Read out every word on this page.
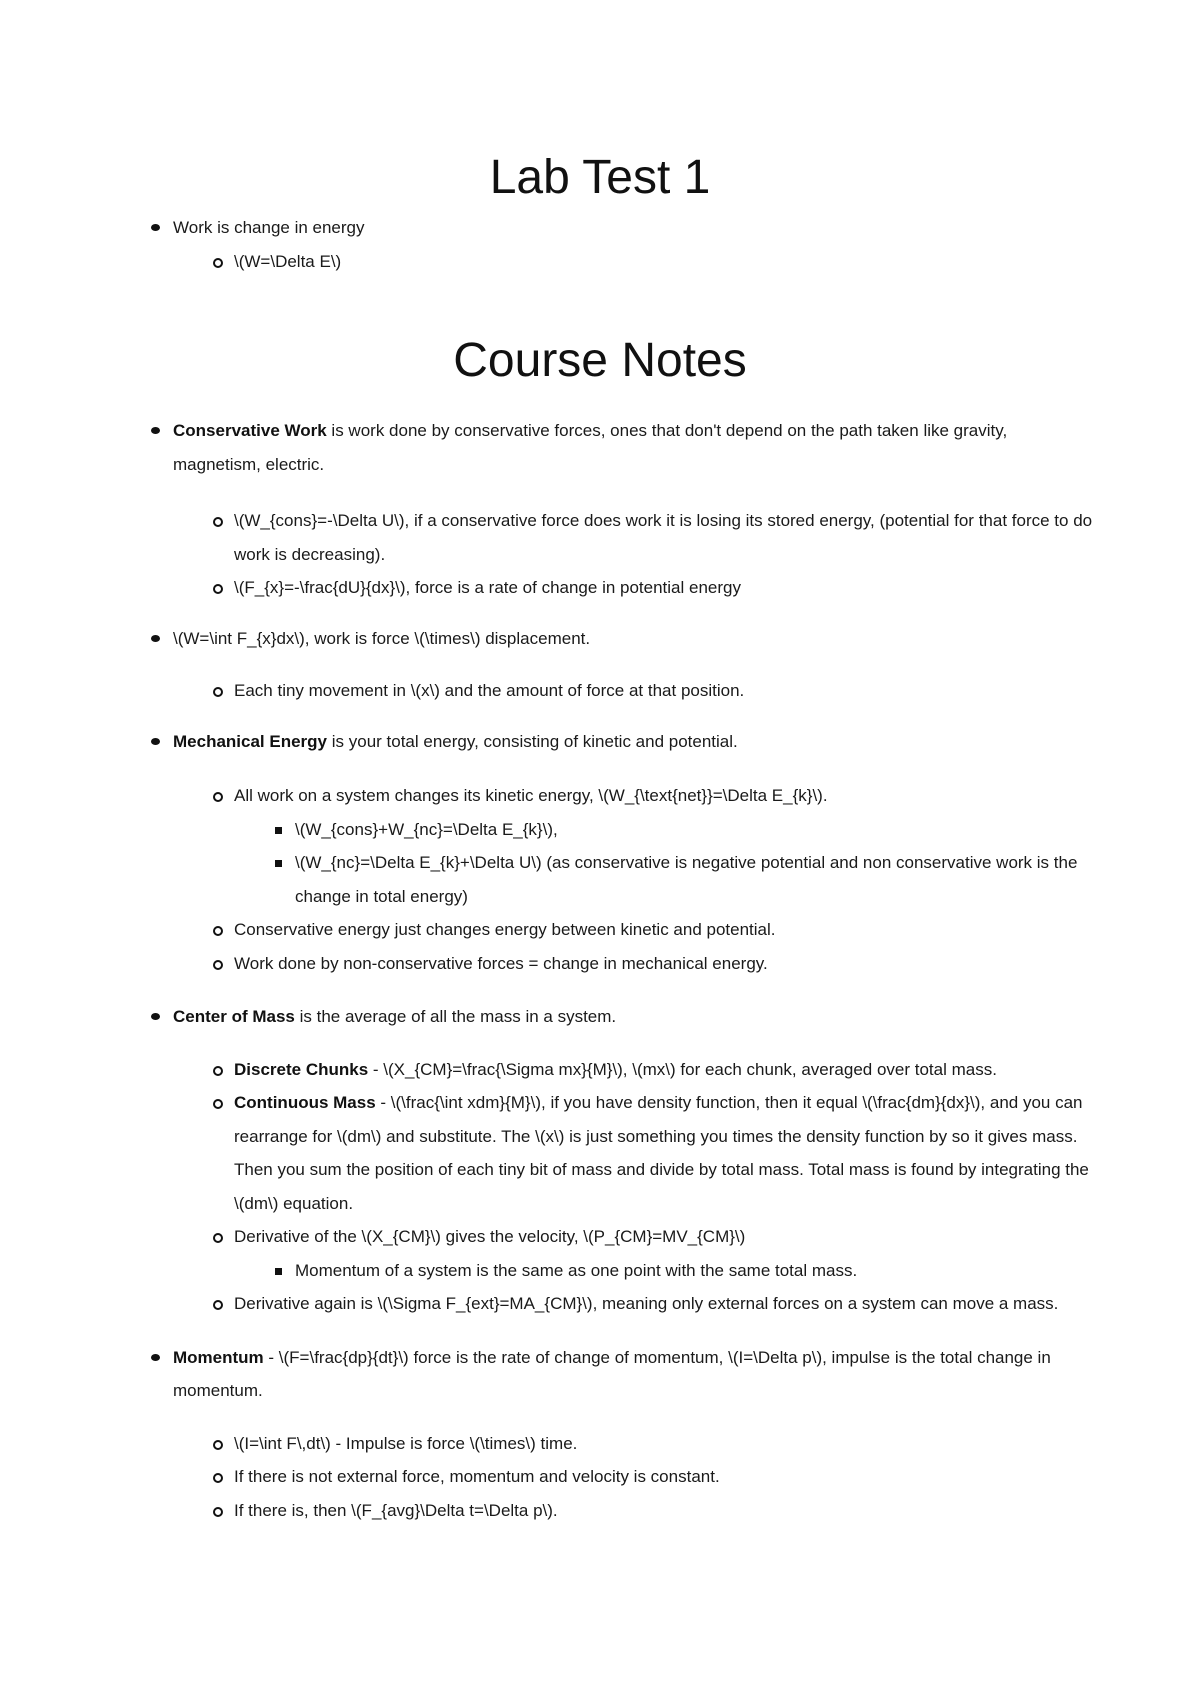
Lab Test 1
Work is change in energy
\(W=\Delta E\)
Course Notes
Conservative Work is work done by conservative forces, ones that don't depend on the path taken like gravity, magnetism, electric.
\(W_{cons}=-\Delta U\), if a conservative force does work it is losing its stored energy, (potential for that force to do work is decreasing).
\(F_{x}=-\frac{dU}{dx}\), force is a rate of change in potential energy
\(W=\int F_{x}dx\), work is force \(\times\) displacement.
Each tiny movement in \(x\) and the amount of force at that position.
Mechanical Energy is your total energy, consisting of kinetic and potential.
All work on a system changes its kinetic energy, \(W_{\text{net}}=\Delta E_{k}\).
\(W_{cons}+W_{nc}=\Delta E_{k}\),
\(W_{nc}=\Delta E_{k}+\Delta U\) (as conservative is negative potential and non conservative work is the change in total energy)
Conservative energy just changes energy between kinetic and potential.
Work done by non-conservative forces = change in mechanical energy.
Center of Mass is the average of all the mass in a system.
Discrete Chunks - \(X_{CM}=\frac{\Sigma mx}{M}\), \(mx\) for each chunk, averaged over total mass.
Continuous Mass - \(\frac{\int xdm}{M}\), if you have density function, then it equal \(\frac{dm}{dx}\), and you can rearrange for \(dm\) and substitute. The \(x\) is just something you times the density function by so it gives mass. Then you sum the position of each tiny bit of mass and divide by total mass. Total mass is found by integrating the \(dm\) equation.
Derivative of the \(X_{CM}\) gives the velocity, \(P_{CM}=MV_{CM}\)
Momentum of a system is the same as one point with the same total mass.
Derivative again is \(\Sigma F_{ext}=MA_{CM}\), meaning only external forces on a system can move a mass.
Momentum - \(F=\frac{dp}{dt}\) force is the rate of change of momentum, \(I=\Delta p\), impulse is the total change in momentum.
\(I=\int F\,dt\) - Impulse is force \(\times\) time.
If there is not external force, momentum and velocity is constant.
If there is, then \(F_{avg}\Delta t=\Delta p\).
